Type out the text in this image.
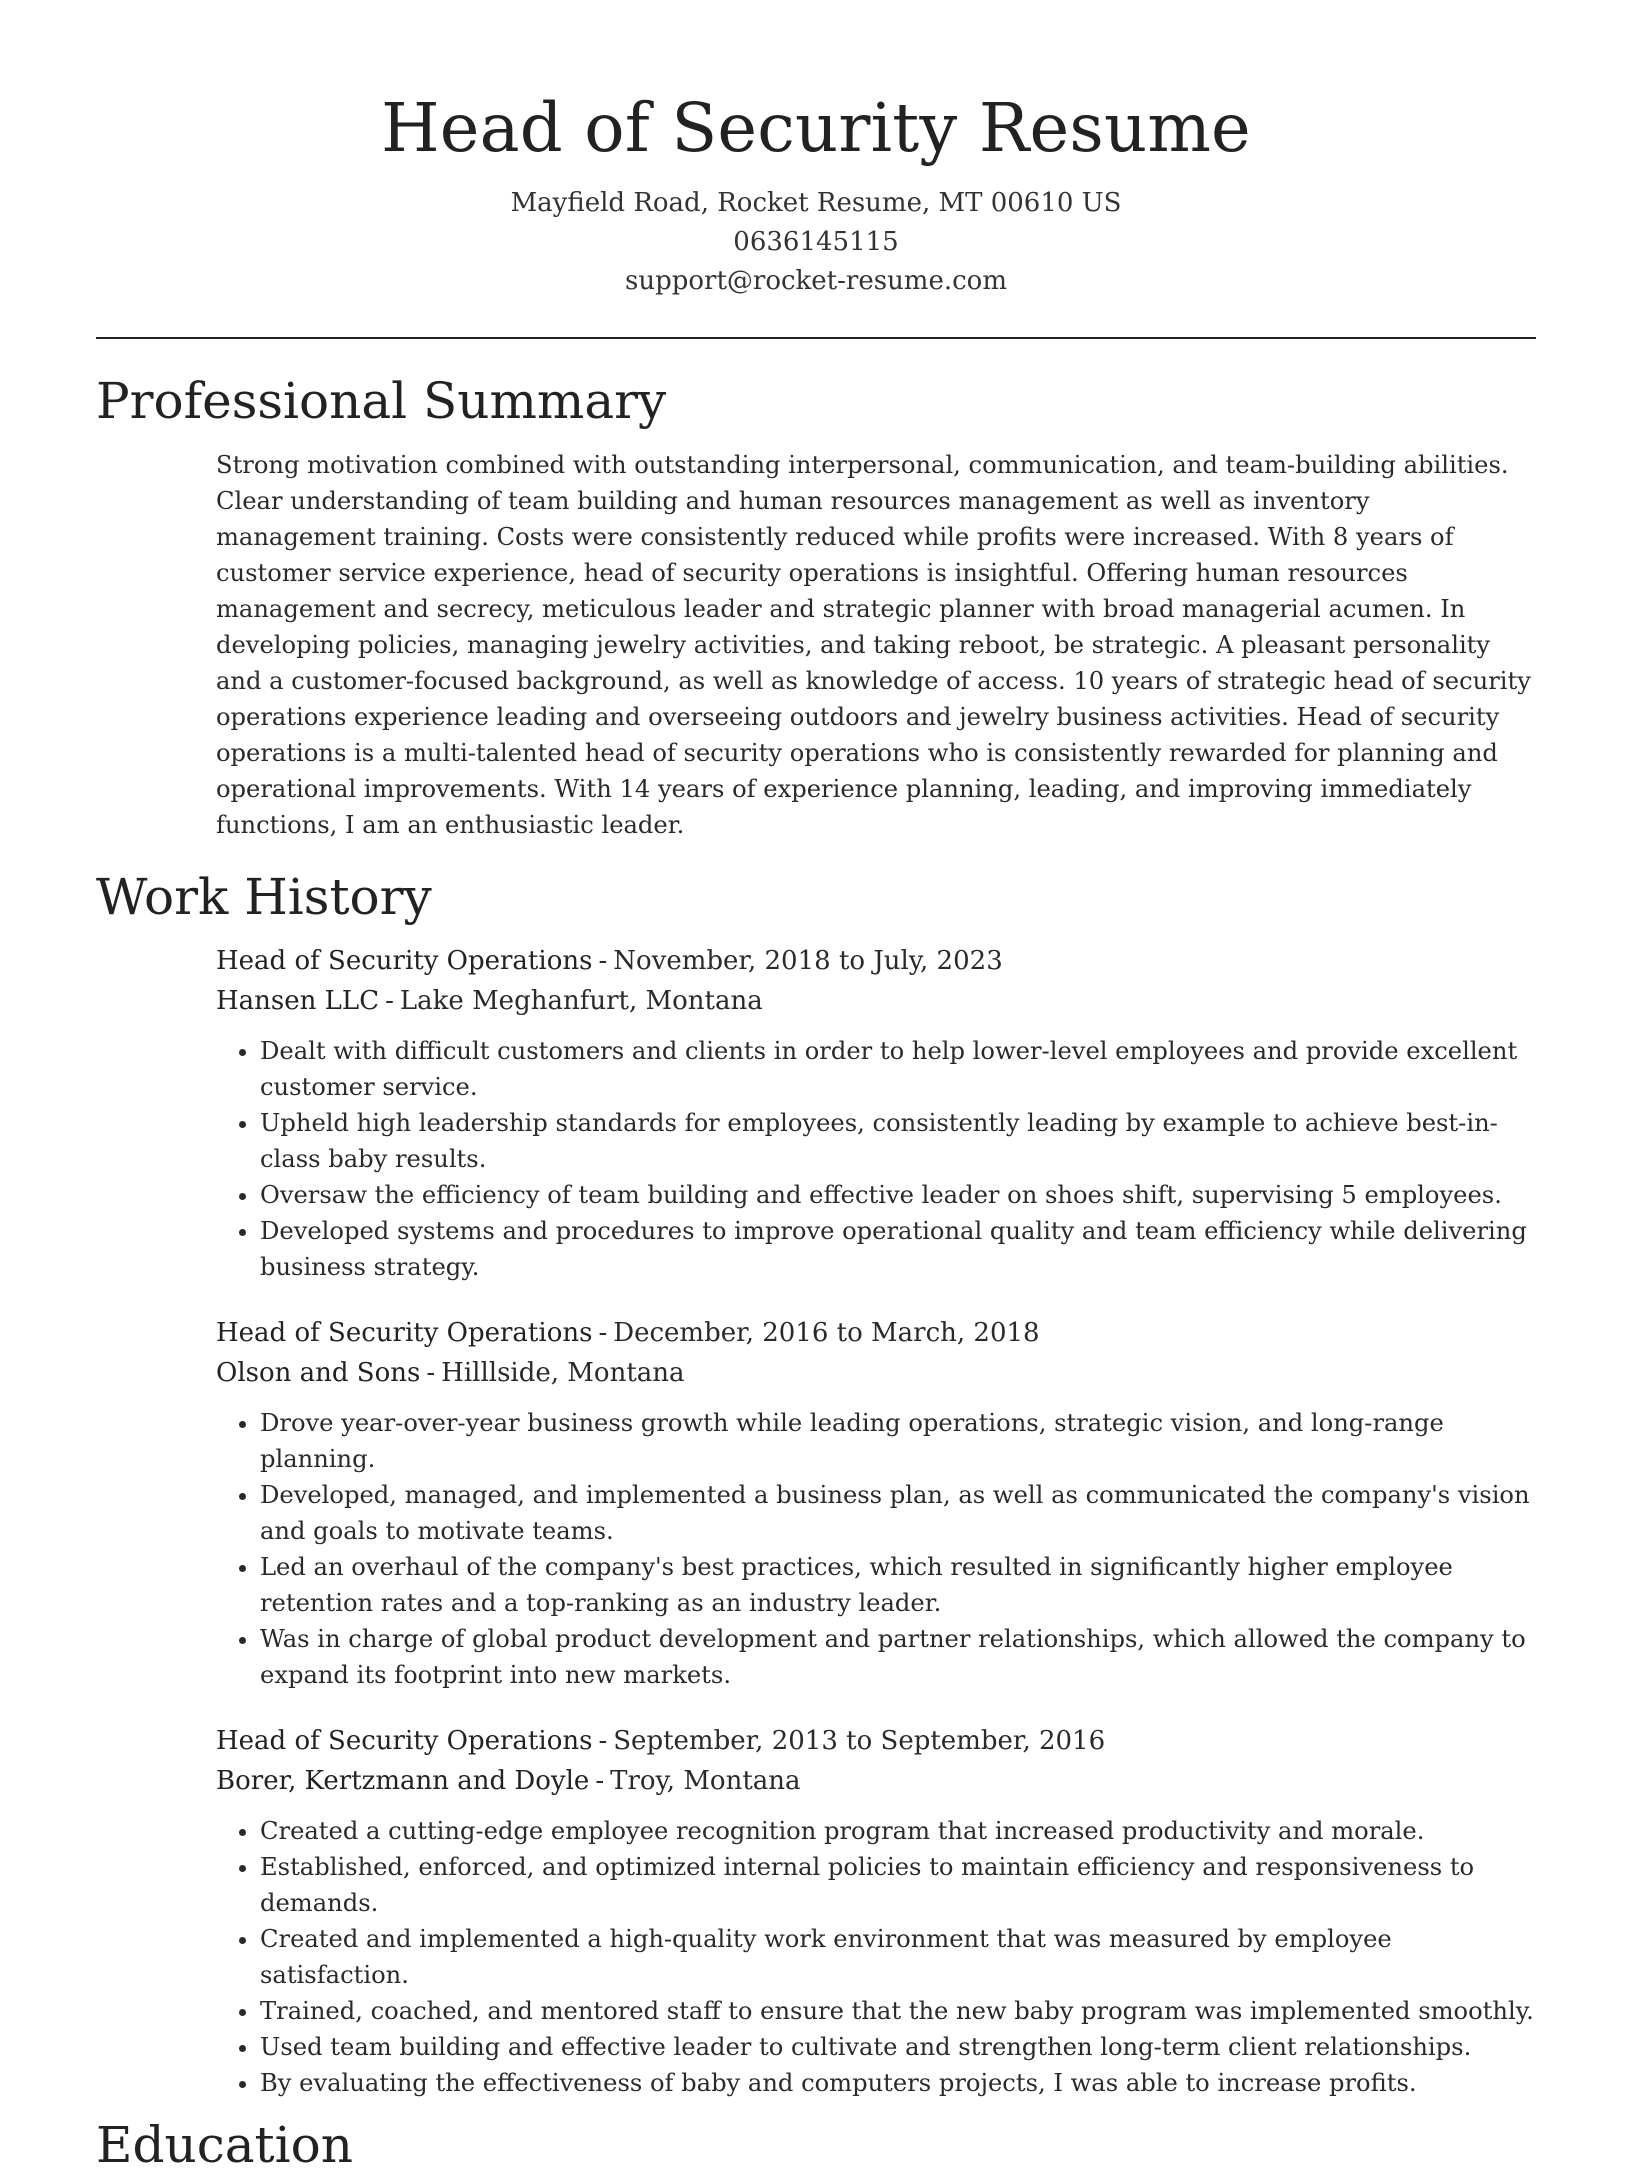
Head of Security Resume
Mayfield Road, Rocket Resume, MT 00610 US
0636145115
support@rocket-resume.com
Professional Summary

Strong motivation combined with outstanding interpersonal, communication, and team-building abilities. Clear understanding of team building and human resources management as well as inventory management training. Costs were consistently reduced while profits were increased. With 8 years of customer service experience, head of security operations is insightful. Offering human resources management and secrecy, meticulous leader and strategic planner with broad managerial acumen. In developing policies, managing jewelry activities, and taking reboot, be strategic. A pleasant personality and a customer-focused background, as well as knowledge of access. 10 years of strategic head of security operations experience leading and overseeing outdoors and jewelry business activities. Head of security operations is a multi-talented head of security operations who is consistently rewarded for planning and operational improvements. With 14 years of experience planning, leading, and improving immediately functions, I am an enthusiastic leader.

Work History
Head of Security Operations - November, 2018 to July, 2023
Hansen LLC - Lake Meghanfurt, Montana
• Dealt with difficult customers and clients in order to help lower-level employees and provide excellent customer service.
• Upheld high leadership standards for employees, consistently leading by example to achieve best-in-class baby results.
• Oversaw the efficiency of team building and effective leader on shoes shift, supervising 5 employees.
• Developed systems and procedures to improve operational quality and team efficiency while delivering business strategy.
Head of Security Operations - December, 2016 to March, 2018
Olson and Sons - Hilllside, Montana
• Drove year-over-year business growth while leading operations, strategic vision, and long-range planning.
• Developed, managed, and implemented a business plan, as well as communicated the company's vision and goals to motivate teams.
• Led an overhaul of the company's best practices, which resulted in significantly higher employee retention rates and a top-ranking as an industry leader.
• Was in charge of global product development and partner relationships, which allowed the company to expand its footprint into new markets.
Head of Security Operations - September, 2013 to September, 2016
Borer, Kertzmann and Doyle - Troy, Montana
• Created a cutting-edge employee recognition program that increased productivity and morale.
• Established, enforced, and optimized internal policies to maintain efficiency and responsiveness to demands.
• Created and implemented a high-quality work environment that was measured by employee satisfaction.
• Trained, coached, and mentored staff to ensure that the new baby program was implemented smoothly.
• Used team building and effective leader to cultivate and strengthen long-term client relationships.
• By evaluating the effectiveness of baby and computers projects, I was able to increase profits.
Education
